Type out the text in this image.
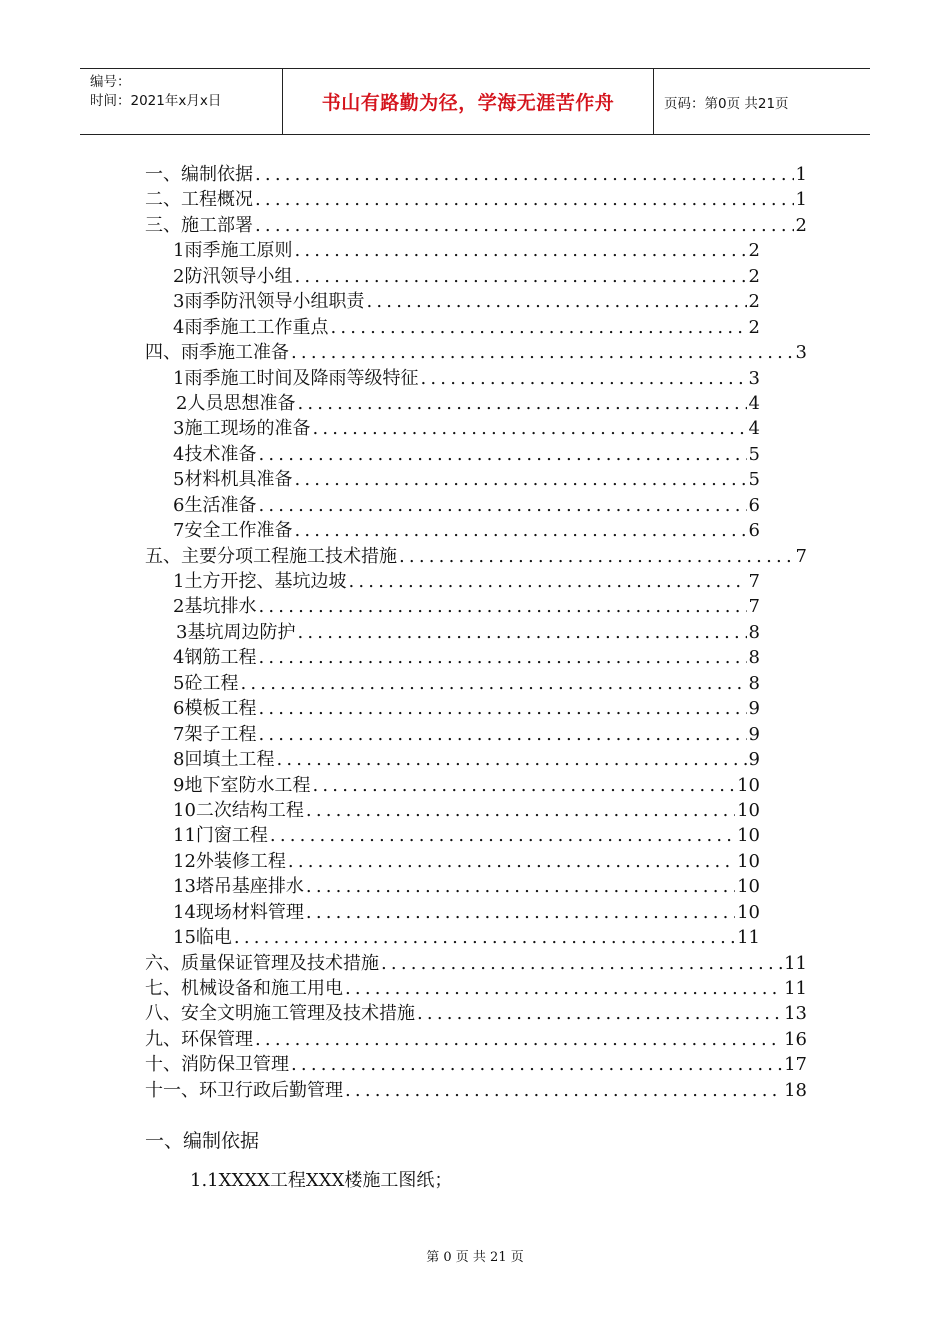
编号：
时间：2021年x月x日	书山有路勤为径，学海无涯苦作舟	页码：第0页 共21页
一、编制依据 .....	1
二、工程概况 .....	1
三、施工部署 .....	2
1雨季施工原则 .....	2
2防汛领导小组 .....	2
3雨季防汛领导小组职责 .....	2
4雨季施工工作重点 .....	2
四、雨季施工准备 .....	3
1雨季施工时间及降雨等级特征 .....	3
2人员思想准备 .....	4
3施工现场的准备 .....	4
4技术准备 .....	5
5材料机具准备 .....	5
6生活准备 .....	6
7安全工作准备 .....	6
五、主要分项工程施工技术措施 .....	7
1土方开挖、基坑边坡 .....	7
2基坑排水 .....	7
3基坑周边防护 .....	8
4钢筋工程 .....	8
5砼工程 .....	8
6模板工程 .....	9
7架子工程 .....	9
8回填土工程 .....	9
9地下室防水工程 .....	10
10二次结构工程 .....	10
11门窗工程 .....	10
12外装修工程 .....	10
13塔吊基座排水 .....	10
14现场材料管理 .....	10
15临电 .....	11
六、质量保证管理及技术措施 .....	11
七、机械设备和施工用电 .....	11
八、安全文明施工管理及技术措施 .....	13
九、环保管理 .....	16
十、消防保卫管理 .....	17
十一、环卫行政后勤管理 .....	18
一、编制依据
1.1XXXX工程XXX楼施工图纸；
第 0 页 共 21 页
